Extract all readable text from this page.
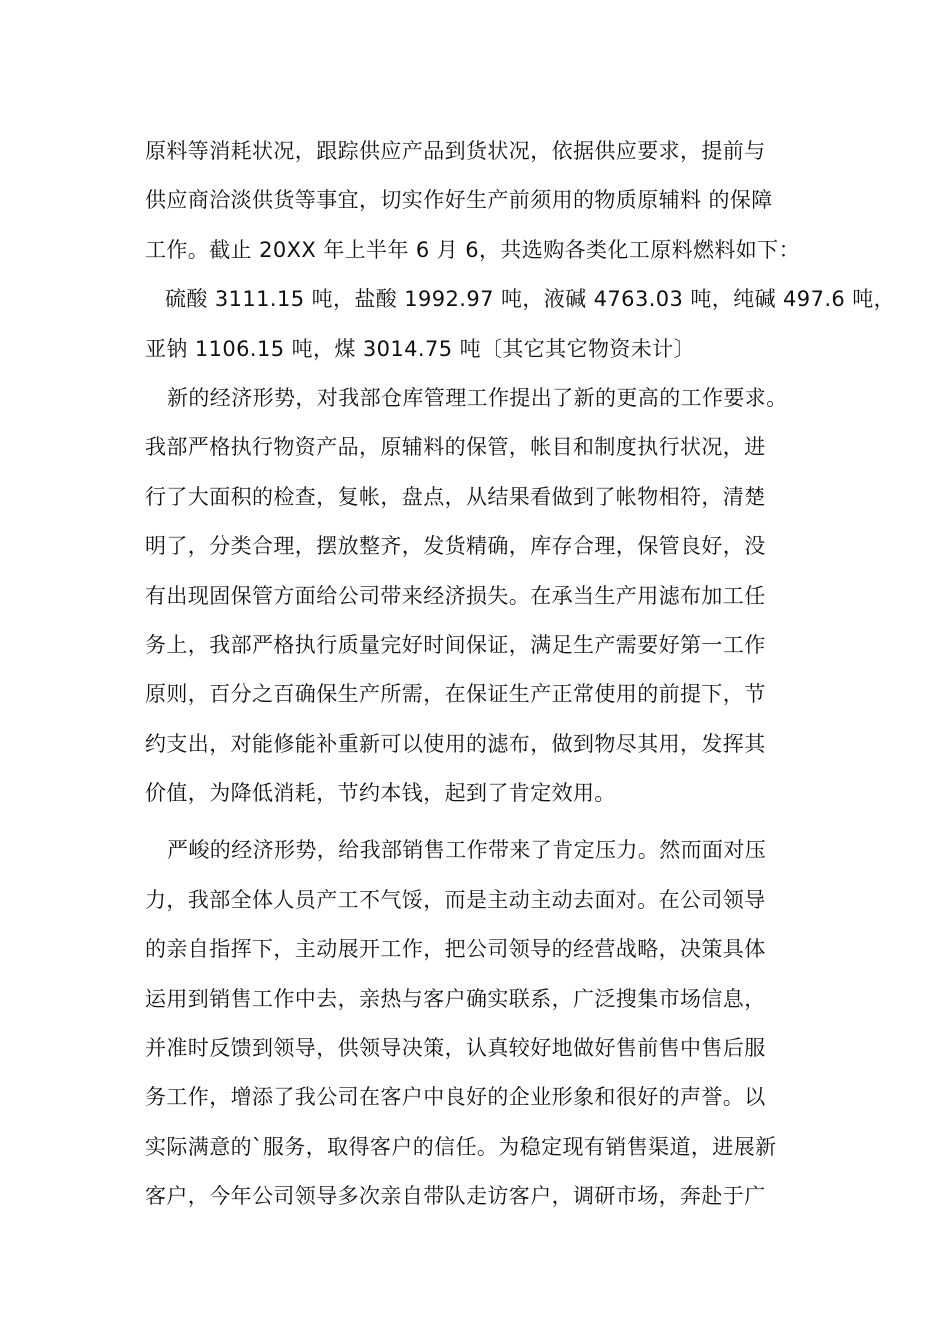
原料等消耗状况，跟踪供应产品到货状况，依据供应要求，提前与
供应商洽淡供货等事宜，切实作好生产前须用的物质原辅料 的保障
工作。截止 20XX 年上半年 6 月 6，共选购各类化工原料燃料如下：
硫酸 3111.15 吨，盐酸 1992.97 吨，液碱 4763.03 吨，纯碱 497.6 吨，
亚钠 1106.15 吨，煤 3014.75 吨〔其它其它物资未计〕
新的经济形势，对我部仓库管理工作提出了新的更高的工作要求。
我部严格执行物资产品，原辅料的保管，帐目和制度执行状况，进
行了大面积的检查，复帐，盘点，从结果看做到了帐物相符，清楚
明了，分类合理，摆放整齐，发货精确，库存合理，保管良好，没
有出现固保管方面给公司带来经济损失。在承当生产用滤布加工任
务上，我部严格执行质量完好时间保证，满足生产需要好第一工作
原则，百分之百确保生产所需，在保证生产正常使用的前提下，节
约支出，对能修能补重新可以使用的滤布，做到物尽其用，发挥其
价值，为降低消耗，节约本钱，起到了肯定效用。
严峻的经济形势，给我部销售工作带来了肯定压力。然而面对压
力，我部全体人员产工不气馁，而是主动主动去面对。在公司领导
的亲自指挥下，主动展开工作，把公司领导的经营战略，决策具体
运用到销售工作中去，亲热与客户确实联系，广泛搜集市场信息，
并准时反馈到领导，供领导决策，认真较好地做好售前售中售后服
务工作，增添了我公司在客户中良好的企业形象和很好的声誉。以
实际满意的`服务，取得客户的信任。为稳定现有销售渠道，进展新
客户，今年公司领导多次亲自带队走访客户，调研市场，奔赴于广
